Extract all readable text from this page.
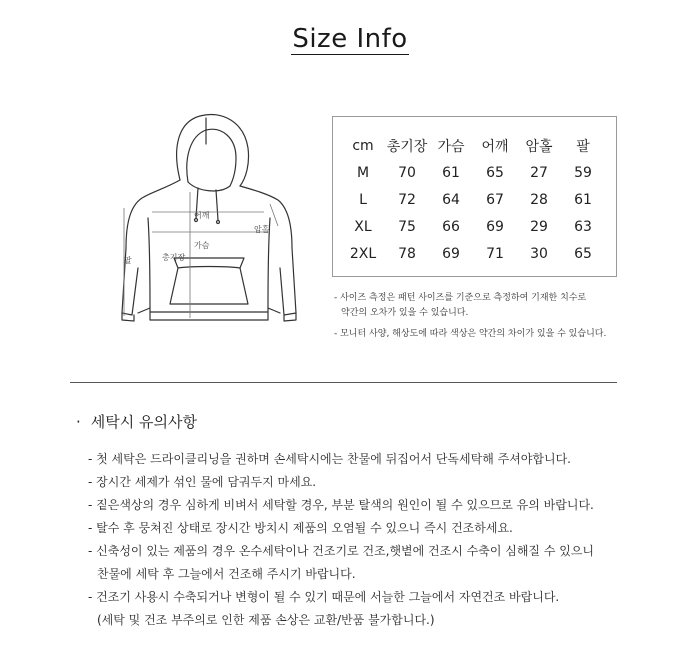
Size Info
어깨
가슴
암홀
팔	총기장
cm	총기장	가슴	어깨	암홀	팔
M	70	61	65	27	59
L	72	64	67	28	61
XL	75	66	69	29	63
2XL	78	69	71	30	65
- 사이즈 측정은 패턴 사이즈를 기준으로 측정하여 기재한 치수로
약간의 오차가 있을 수 있습니다.
- 모니터 사양, 해상도에 따라 색상은 약간의 차이가 있을 수 있습니다.
· 세탁시 유의사항
- 첫 세탁은 드라이클리닝을 권하며 손세탁시에는 찬물에 뒤집어서 단독세탁해 주셔야합니다.
- 장시간 세제가 섞인 물에 담궈두지 마세요.
- 짙은색상의 경우 심하게 비벼서 세탁할 경우, 부분 탈색의 원인이 될 수 있으므로 유의 바랍니다.
- 탈수 후 뭉쳐진 상태로 장시간 방치시 제품의 오염될 수 있으니 즉시 건조하세요.
- 신축성이 있는 제품의 경우 온수세탁이나 건조기로 건조,햇볕에 건조시 수축이 심해질 수 있으니
찬물에 세탁 후 그늘에서 건조해 주시기 바랍니다.
- 건조기 사용시 수축되거나 변형이 될 수 있기 때문에 서늘한 그늘에서 자연건조 바랍니다.
(세탁 및 건조 부주의로 인한 제품 손상은 교환/반품 불가합니다.)
